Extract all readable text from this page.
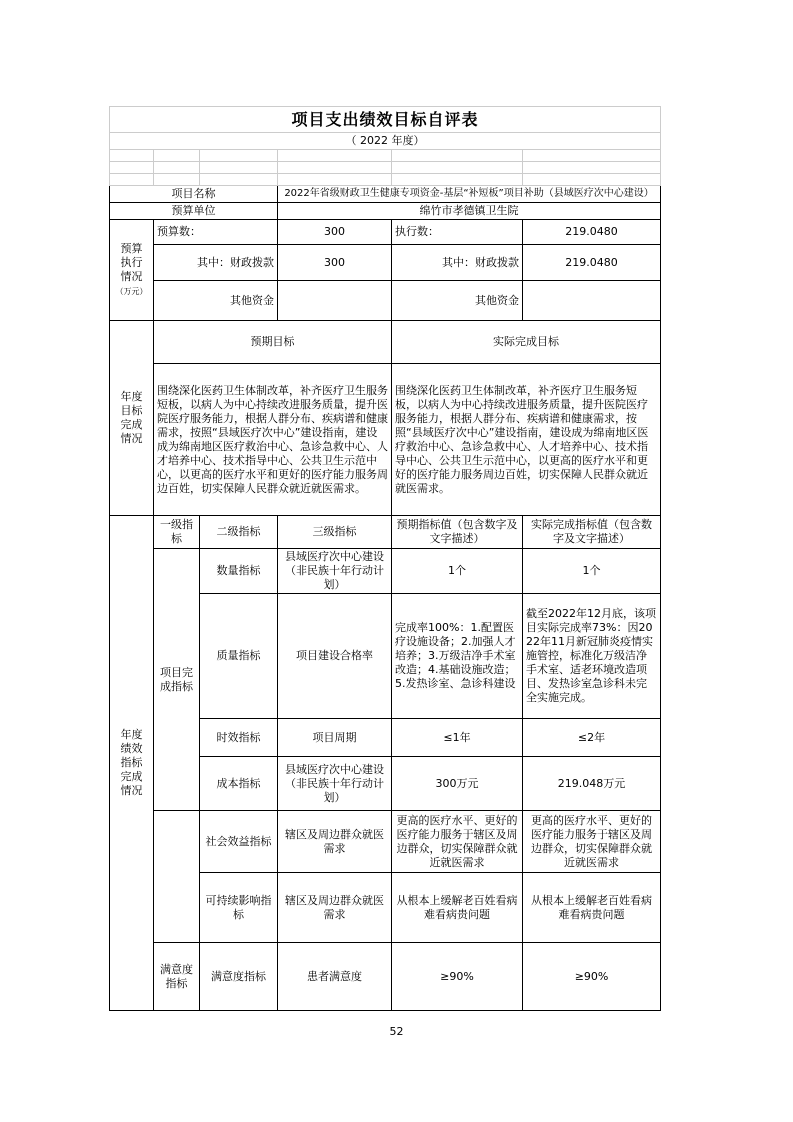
项目支出绩效目标自评表					
（ 2022 年度）					

项目名称			2022年省级财政卫生健康专项资金-基层“补短板”项目补助（县域医疗次中心建设）		
预算单位			绵竹市孝德镇卫生院		

预算执行情况
（万元）	预算数：		300	执行数：	219.0480
	其中：财政拨款		300	其中：财政拨款	219.0480
	其他资金			其他资金	

年度目标完成情况	预期目标			实际完成目标	
	围绕深化医药卫生体制改革，补齐医疗卫生服务短板，以病人为中心持续改进服务质量，提升医院医疗服务能力，根据人群分布、疾病谱和健康需求，按照“县域医疗次中心”建设指南，建设成为绵南地区医疗救治中心、急诊急救中心、人才培养中心、技术指导中心、公共卫生示范中心，以更高的医疗水平和更好的医疗能力服务周边百姓，切实保障人民群众就近就医需求。			围绕深化医药卫生体制改革，补齐医疗卫生服务短板，以病人为中心持续改进服务质量，提升医院医疗服务能力，根据人群分布、疾病谱和健康需求，按照“县域医疗次中心”建设指南，建设成为绵南地区医疗救治中心、急诊急救中心、人才培养中心、技术指导中心、公共卫生示范中心，以更高的医疗水平和更好的医疗能力服务周边百姓，切实保障人民群众就近就医需求。	

年度绩效指标完成情况	一级指标	二级指标	三级指标	预期指标值（包含数字及文字描述）	实际完成指标值（包含数字及文字描述）
	项目完成指标	数量指标	县域医疗次中心建设（非民族十年行动计划）	1个	1个
		质量指标	项目建设合格率	完成率100%：1.配置医疗设施设备；2.加强人才培养；3.万级洁净手术室改造；4.基础设施改造；5.发热诊室、急诊科建设	截至2022年12月底，该项目实际完成率73%：因2022年11月新冠肺炎疫情实施管控，标准化万级洁净手术室、适老环境改造项目、发热诊室急诊科未完全实施完成。
		时效指标	项目周期	≤1年	≤2年
		成本指标	县域医疗次中心建设（非民族十年行动计划）	300万元	219.048万元
		社会效益指标	辖区及周边群众就医需求	更高的医疗水平、更好的医疗能力服务于辖区及周边群众，切实保障群众就近就医需求	更高的医疗水平、更好的医疗能力服务于辖区及周边群众，切实保障群众就近就医需求
		可持续影响指标	辖区及周边群众就医需求	从根本上缓解老百姓看病难看病贵问题	从根本上缓解老百姓看病难看病贵问题
	满意度指标	满意度指标	患者满意度	≥90%	≥90%
52
